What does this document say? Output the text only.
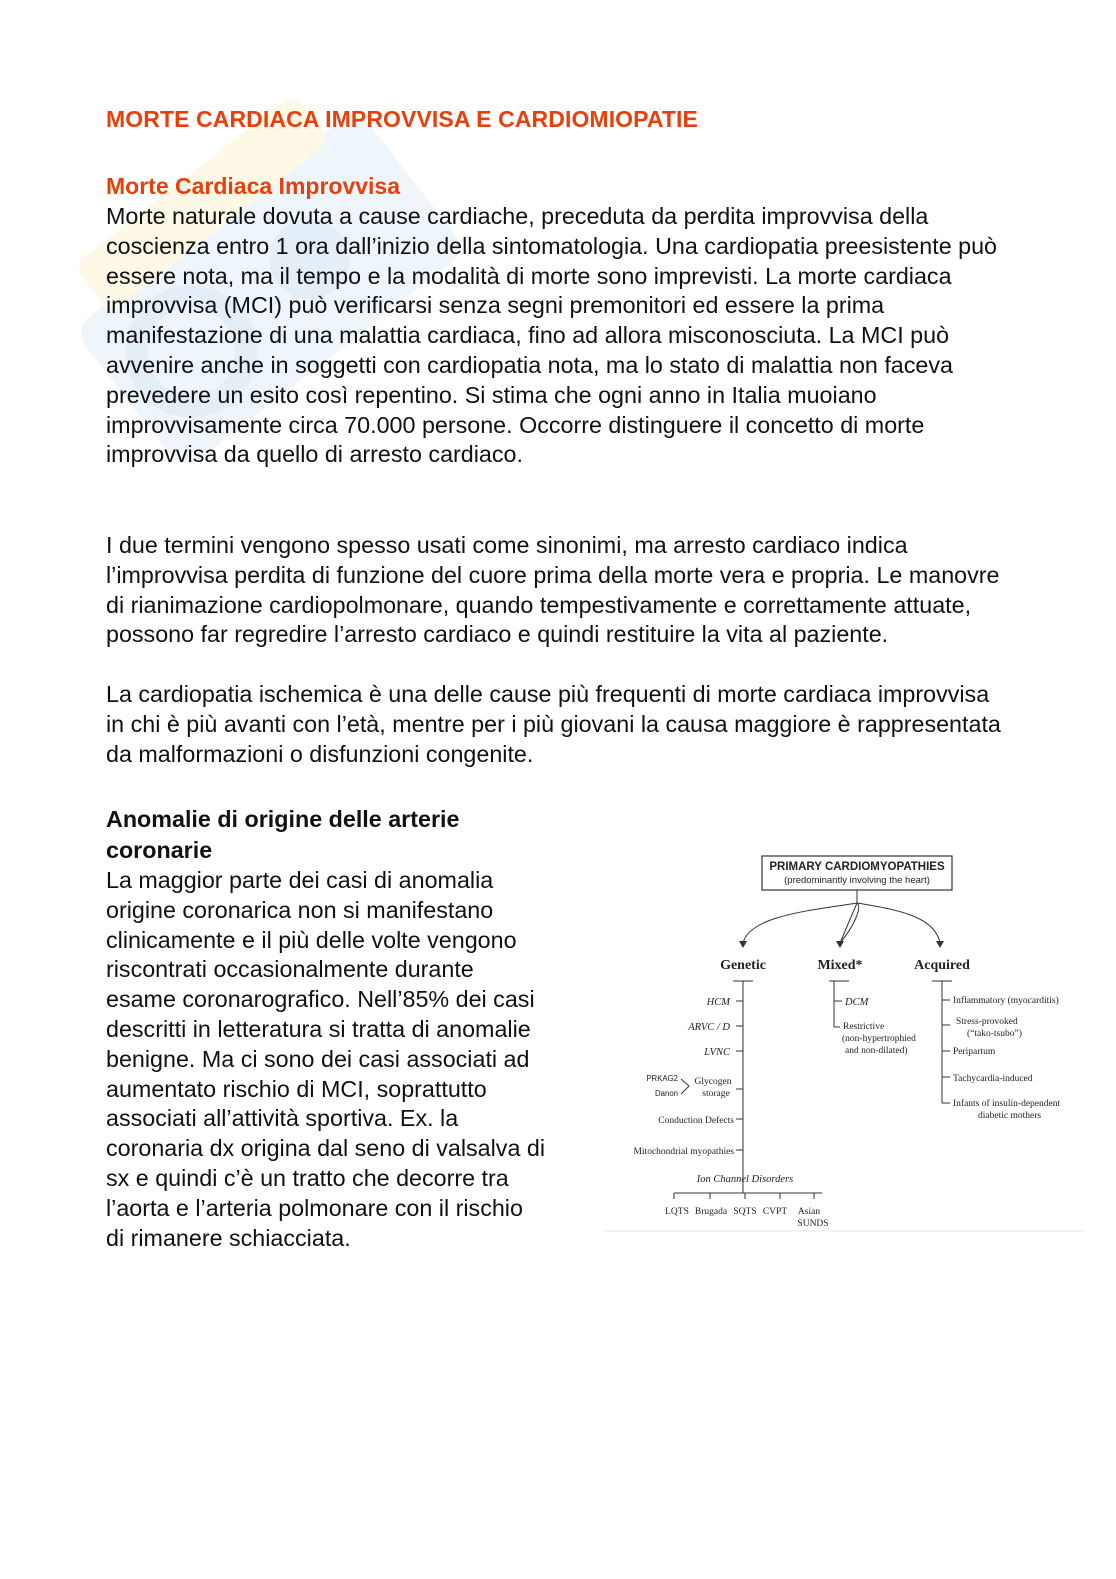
MORTE CARDIACA IMPROVVISA E CARDIOMIOPATIE
Morte Cardiaca Improvvisa

Morte naturale dovuta a cause cardiache, preceduta da perdita improvvisa della coscienza entro 1 ora dall’inizio della sintomatologia. Una cardiopatia preesistente può essere nota, ma il tempo e la modalità di morte sono imprevisti. La morte cardiaca improvvisa (MCI) può verificarsi senza segni premonitori ed essere la prima manifestazione di una malattia cardiaca, fino ad allora misconosciuta. La MCI può avvenire anche in soggetti con cardiopatia nota, ma lo stato di malattia non faceva prevedere un esito così repentino. Si stima che ogni anno in Italia muoiano improvvisamente circa 70.000 persone. Occorre distinguere il concetto di morte improvvisa da quello di arresto cardiaco.

I due termini vengono spesso usati come sinonimi, ma arresto cardiaco indica l’improvvisa perdita di funzione del cuore prima della morte vera e propria. Le manovre di rianimazione cardiopolmonare, quando tempestivamente e correttamente attuate, possono far regredire l’arresto cardiaco e quindi restituire la vita al paziente.

La cardiopatia ischemica è una delle cause più frequenti di morte cardiaca improvvisa in chi è più avanti con l’età, mentre per i più giovani la causa maggiore è rappresentata da malformazioni o disfunzioni congenite.

Anomalie di origine delle arterie coronarie

La maggior parte dei casi di anomalia origine coronarica non si manifestano clinicamente e il più delle volte vengono riscontrati occasionalmente durante esame coronarografico. Nell’85% dei casi descritti in letteratura si tratta di anomalie benigne. Ma ci sono dei casi associati ad aumentato rischio di MCI, soprattutto associati all’attività sportiva. Ex. la coronaria dx origina dal seno di valsalva di sx e quindi c’è un tratto che decorre tra l’aorta e l’arteria polmonare con il rischio di rimanere schiacciata.

PRIMARY CARDIOMYOPATHIES
(predominantly involving the heart)
Genetic	Mixed*	Acquired
HCM
ARVC / D
LVNC
PRKAG2
Danon
Glycogen
storage
Conduction Defects
Mitochondrial myopathies
Ion Channel Disorders
LQTS Brugada SQTS CVPT Asian
SUNDS
DCM
Restrictive
(non-hypertrophied
and non-dilated)
Inflammatory (myocarditis)
Stress-provoked
(“tako-tsubo”)
Peripartum
Tachycardia-induced
Infants of insulin-dependent
diabetic mothers
